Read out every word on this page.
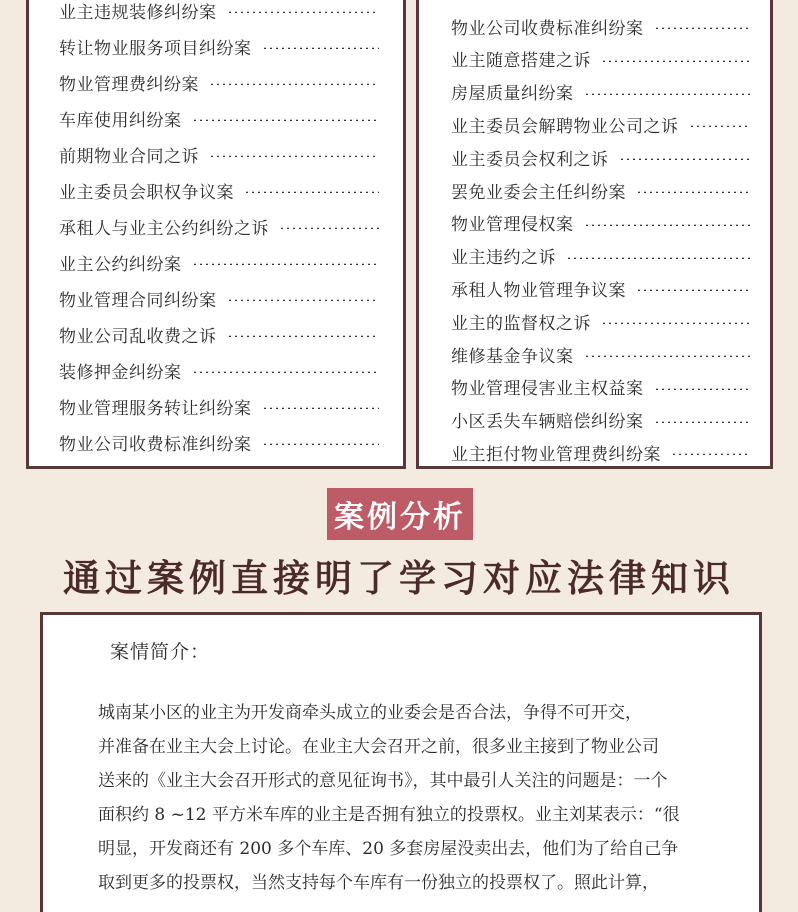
业主违规装修纠纷案
转让物业服务项目纠纷案
物业管理费纠纷案
车库使用纠纷案
前期物业合同之诉
业主委员会职权争议案
承租人与业主公约纠纷之诉
业主公约纠纷案
物业管理合同纠纷案
物业公司乱收费之诉
装修押金纠纷案
物业管理服务转让纠纷案
物业公司收费标准纠纷案
物业公司收费标准纠纷案
业主随意搭建之诉
房屋质量纠纷案
业主委员会解聘物业公司之诉
业主委员会权利之诉
罢免业委会主任纠纷案
物业管理侵权案
业主违约之诉
承租人物业管理争议案
业主的监督权之诉
维修基金争议案
物业管理侵害业主权益案
小区丢失车辆赔偿纠纷案
业主拒付物业管理费纠纷案
案例分析
通过案例直接明了学习对应法律知识
案情简介：
城南某小区的业主为开发商牵头成立的业委会是否合法，争得不可开交，
并准备在业主大会上讨论。在业主大会召开之前，很多业主接到了物业公司
送来的《业主大会召开形式的意见征询书》，其中最引人关注的问题是：一个
面积约 8 ~12 平方米车库的业主是否拥有独立的投票权。业主刘某表示：“很
明显，开发商还有 200 多个车库、20 多套房屋没卖出去，他们为了给自己争
取到更多的投票权，当然支持每个车库有一份独立的投票权了。照此计算，
